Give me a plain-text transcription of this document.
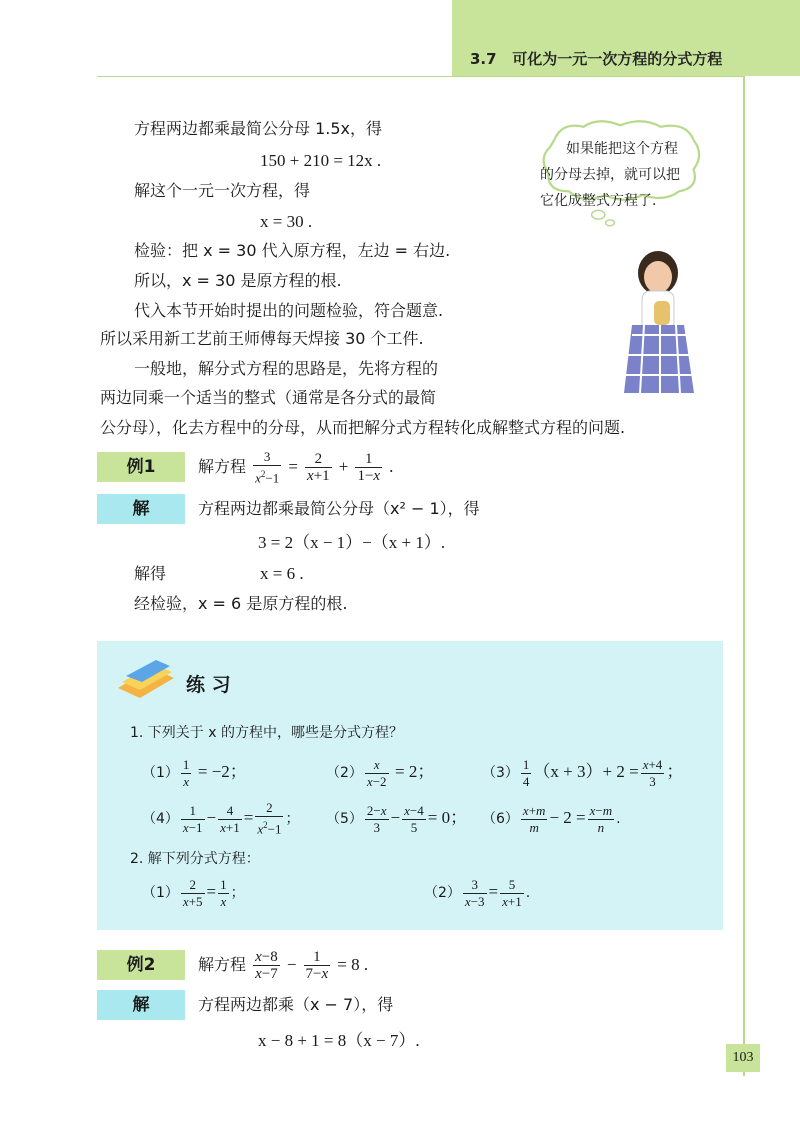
3.7 可化为一元一次方程的分式方程
方程两边都乘最简公分母 1.5x，得
150 + 210 = 12x .
解这个一元一次方程，得
x = 30 .
检验：把 x = 30 代入原方程，左边 = 右边.
所以，x = 30 是原方程的根.
代入本节开始时提出的问题检验，符合题意.
所以采用新工艺前王师傅每天焊接 30 个工件.
一般地，解分式方程的思路是，先将方程的
两边同乘一个适当的整式（通常是各分式的最简
公分母），化去方程中的分母，从而把解分式方程转化成解整式方程的问题.
如果能把这个方程
的分母去掉，就可以把
它化成整式方程了.
例1	解方程 $\frac{3}{x^2-1} = \frac{2}{x+1} + \frac{1}{1-x}$ .
解	方程两边都乘最简公分母（x² − 1），得
3 = 2（x − 1）−（x + 1）.
解得	x = 6 .
经检验，x = 6 是原方程的根.
练 习
1. 下列关于 x 的方程中，哪些是分式方程？
$(1) \frac{1}{x} = -2$；	$(2) \frac{x}{x-2} = 2$；	$(3) \frac{1}{4} (x + 3)+ 2 = \frac{x+4}{3}$ ；
$(4) \frac{1}{x-1} - \frac{4}{x+1} = \frac{2}{x^2-1}$ ； $(5) \frac{2-x}{3} - \frac{x-4}{5} = 0$； $(6) \frac{x+m}{m} - 2 = \frac{x-m}{n}$ .
2. 解下列分式方程：
$(1) \frac{2}{x+5} = \frac{1}{x}$ ；	$(2) \frac{3}{x-3} = \frac{5}{x+1}$ .
例2	解方程 $\frac{x-8}{x-7} - \frac{1}{7-x} = 8$ .
解	方程两边都乘（x − 7），得
x − 8 + 1 = 8（x − 7）.
103
